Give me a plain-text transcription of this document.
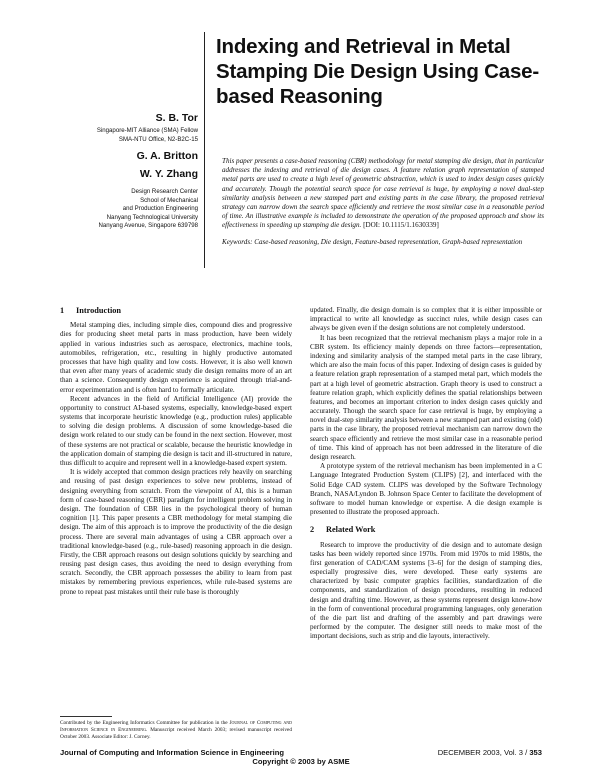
Indexing and Retrieval in Metal Stamping Die Design Using Case-based Reasoning
S. B. Tor
Singapore-MIT Alliance (SMA) Fellow
SMA-NTU Office, N2-B2C-15
G. A. Britton
W. Y. Zhang
Design Research Center
School of Mechanical
and Production Engineering
Nanyang Technological University
Nanyang Avenue, Singapore 639798
This paper presents a case-based reasoning (CBR) methodology for metal stamping die design, that in particular addresses the indexing and retrieval of die design cases. A feature relation graph representation of stamped metal parts are used to create a high level of geometric abstraction, which is used to index design cases quickly and accurately. Though the potential search space for case retrieval is huge, by employing a novel dual-step similarity analysis between a new stamped part and existing parts in the case library, the proposed retrieval strategy can narrow down the search space efficiently and retrieve the most similar case in a reasonable period of time. An illustrative example is included to demonstrate the operation of the proposed approach and show its effectiveness in speeding up stamping die design. [DOI: 10.1115/1.1630339]
Keywords: Case-based reasoning, Die design, Feature-based representation, Graph-based representation
1 Introduction

Metal stamping dies, including simple dies, compound dies and progressive dies for producing sheet metal parts in mass production, have been widely applied in various industries such as aerospace, electronics, machine tools, automobiles, refrigeration, etc., resulting in highly productive automated processes that have high quality and low costs. However, it is also well known that even after many years of academic study die design remains more of an art than a science. Consequently design experience is acquired through trial-and-error experimentation and is often hard to formally articulate.

Recent advances in the field of Artificial Intelligence (AI) provide the opportunity to construct AI-based systems, especially, knowledge-based expert systems that incorporate heuristic knowledge (e.g., production rules) applicable to solving die design problems. A discussion of some knowledge-based die design work related to our study can be found in the next section. However, most of these systems are not practical or scalable, because the heuristic knowledge in the application domain of stamping die design is tacit and ill-structured in nature, thus difficult to acquire and represent well in a knowledge-based expert system.

It is widely accepted that common design practices rely heavily on searching and reusing of past design experiences to solve new problems, instead of designing everything from scratch. From the viewpoint of AI, this is a human form of case-based reasoning (CBR) paradigm for intelligent problem solving in design. The foundation of CBR lies in the psychological theory of human cognition [1]. This paper presents a CBR methodology for metal stamping die design. The aim of this approach is to improve the productivity of the die design process. There are several main advantages of using a CBR approach over a traditional knowledge-based (e.g., rule-based) reasoning approach in die design. Firstly, the CBR approach reasons out design solutions quickly by searching and reusing past design cases, thus avoiding the need to design everything from scratch. Secondly, the CBR approach possesses the ability to learn from past mistakes by remembering previous experiences, while rule-based systems are prone to repeat past mistakes until their rule base is thoroughly

updated. Finally, die design domain is so complex that it is either impossible or impractical to write all knowledge as succinct rules, while design cases can always be given even if the design solutions are not completely understood.

It has been recognized that the retrieval mechanism plays a major role in a CBR system. Its efficiency mainly depends on three factors—representation, indexing and similarity analysis of the stamped metal parts in the case library, which are also the main focus of this paper. Indexing of design cases is guided by a feature relation graph representation of a stamped metal part, which models the part at a high level of geometric abstraction. Graph theory is used to construct a feature relation graph, which explicitly defines the spatial relationships between features, and becomes an important criterion to index design cases quickly and accurately. Though the search space for case retrieval is huge, by employing a novel dual-step similarity analysis between a new stamped part and existing (old) parts in the case library, the proposed retrieval mechanism can narrow down the search space efficiently and retrieve the most similar case in a reasonable period of time. This kind of approach has not been addressed in the literature of die design research.

A prototype system of the retrieval mechanism has been implemented in a C Language Integrated Production System (CLIPS) [2], and interfaced with the Solid Edge CAD system. CLIPS was developed by the Software Technology Branch, NASA/Lyndon B. Johnson Space Center to facilitate the development of software to model human knowledge or expertise. A die design example is presented to illustrate the proposed approach.

2 Related Work

Research to improve the productivity of die design and to automate design tasks has been widely reported since 1970s. From mid 1970s to mid 1980s, the first generation of CAD/CAM systems [3–6] for the design of stamping dies, especially progressive dies, were developed. These early systems are characterized by basic computer graphics facilities, standardization of die components, and standardization of design procedures, resulting in reduced design and drafting time. However, as these systems represent design know-how in the form of conventional procedural programming languages, only generation of the die part list and drafting of the assembly and part drawings were performed by the computer. The designer still needs to make most of the important decisions, such as strip and die layouts, interactively.

Contributed by the Engineering Informatics Committee for publication in the Journal of Computing and Information Science in Engineering. Manuscript received March 2003; revised manuscript received October 2003. Associate Editor: J. Corney.
Journal of Computing and Information Science in Engineering	DECEMBER 2003, Vol. 3 / 353
Copyright © 2003 by ASME
